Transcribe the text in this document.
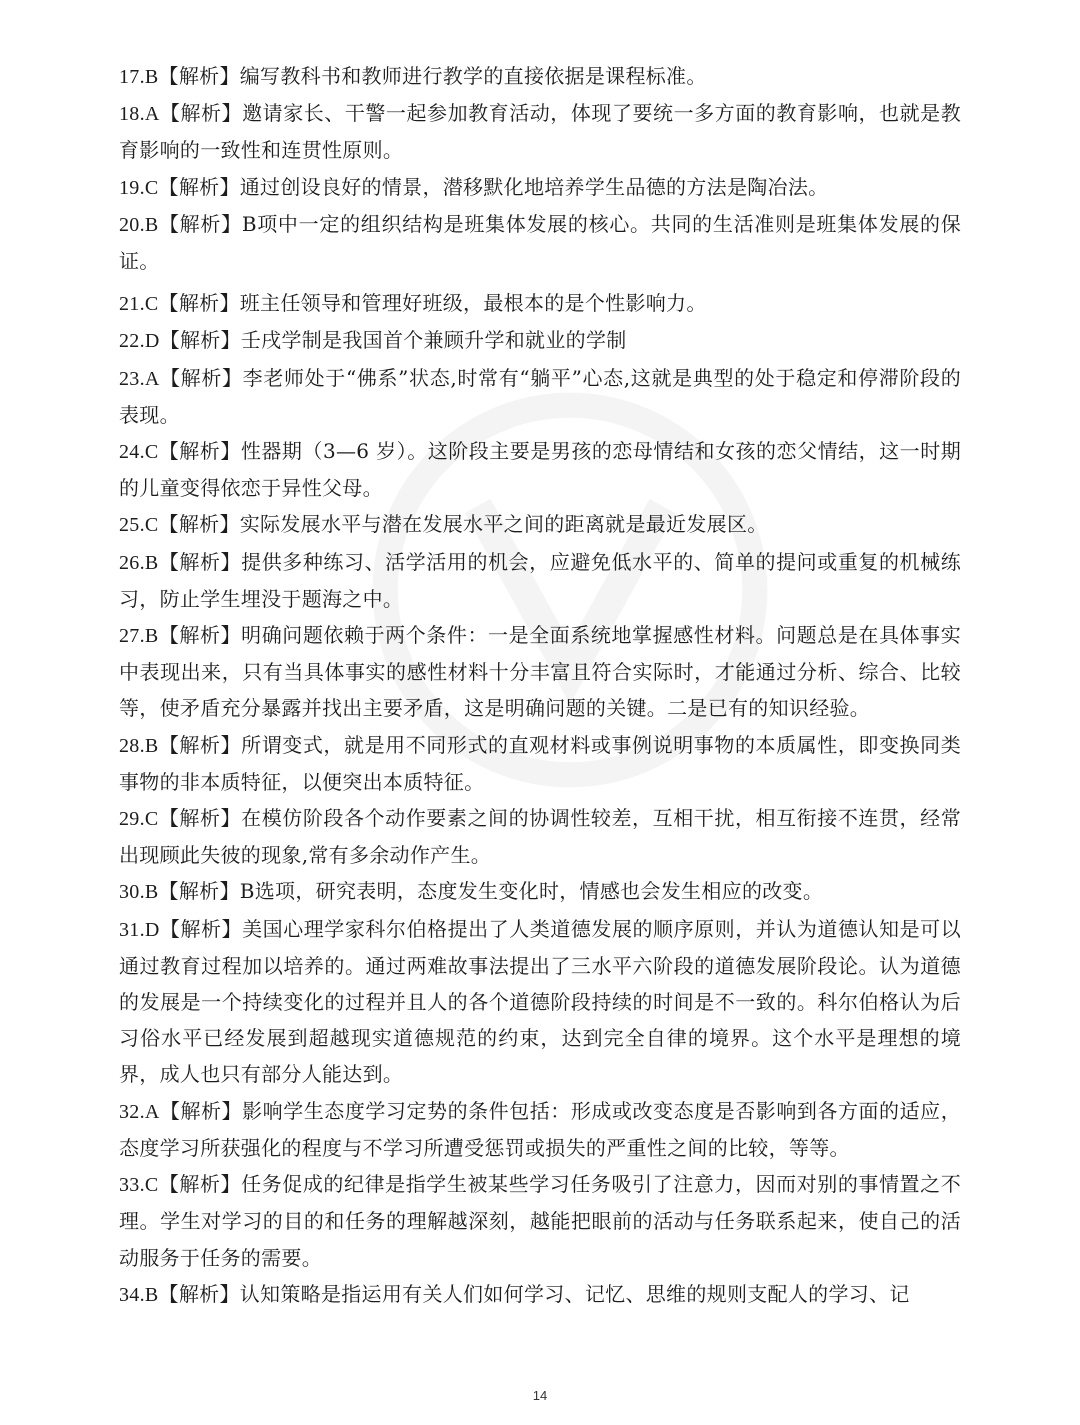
17.B【解析】编写教科书和教师进行教学的直接依据是课程标准。
18.A【解析】邀请家长、干警一起参加教育活动，体现了要统一多方面的教育影响，也就是教育影响的一致性和连贯性原则。
19.C【解析】通过创设良好的情景，潜移默化地培养学生品德的方法是陶冶法。
20.B【解析】B项中一定的组织结构是班集体发展的核心。共同的生活准则是班集体发展的保证。
21.C【解析】班主任领导和管理好班级，最根本的是个性影响力。
22.D【解析】壬戌学制是我国首个兼顾升学和就业的学制
23.A【解析】李老师处于“佛系”状态,时常有“躺平”心态,这就是典型的处于稳定和停滞阶段的表现。
24.C【解析】性器期（3—6 岁）。这阶段主要是男孩的恋母情结和女孩的恋父情结，这一时期的儿童变得依恋于异性父母。
25.C【解析】实际发展水平与潜在发展水平之间的距离就是最近发展区。
26.B【解析】提供多种练习、活学活用的机会，应避免低水平的、简单的提问或重复的机械练习，防止学生埋没于题海之中。
27.B【解析】明确问题依赖于两个条件：一是全面系统地掌握感性材料。问题总是在具体事实中表现出来，只有当具体事实的感性材料十分丰富且符合实际时，才能通过分析、综合、比较等，使矛盾充分暴露并找出主要矛盾，这是明确问题的关键。二是已有的知识经验。
28.B【解析】所谓变式，就是用不同形式的直观材料或事例说明事物的本质属性，即变换同类事物的非本质特征，以便突出本质特征。
29.C【解析】在模仿阶段各个动作要素之间的协调性较差，互相干扰，相互衔接不连贯，经常出现顾此失彼的现象,常有多余动作产生。
30.B【解析】B选项，研究表明，态度发生变化时，情感也会发生相应的改变。
31.D【解析】美国心理学家科尔伯格提出了人类道德发展的顺序原则，并认为道德认知是可以通过教育过程加以培养的。通过两难故事法提出了三水平六阶段的道德发展阶段论。认为道德的发展是一个持续变化的过程并且人的各个道德阶段持续的时间是不一致的。科尔伯格认为后习俗水平已经发展到超越现实道德规范的约束，达到完全自律的境界。这个水平是理想的境界，成人也只有部分人能达到。
32.A【解析】影响学生态度学习定势的条件包括：形成或改变态度是否影响到各方面的适应，态度学习所获强化的程度与不学习所遭受惩罚或损失的严重性之间的比较，等等。
33.C【解析】任务促成的纪律是指学生被某些学习任务吸引了注意力，因而对别的事情置之不理。学生对学习的目的和任务的理解越深刻，越能把眼前的活动与任务联系起来，使自己的活动服务于任务的需要。
34.B【解析】认知策略是指运用有关人们如何学习、记忆、思维的规则支配人的学习、记
14
